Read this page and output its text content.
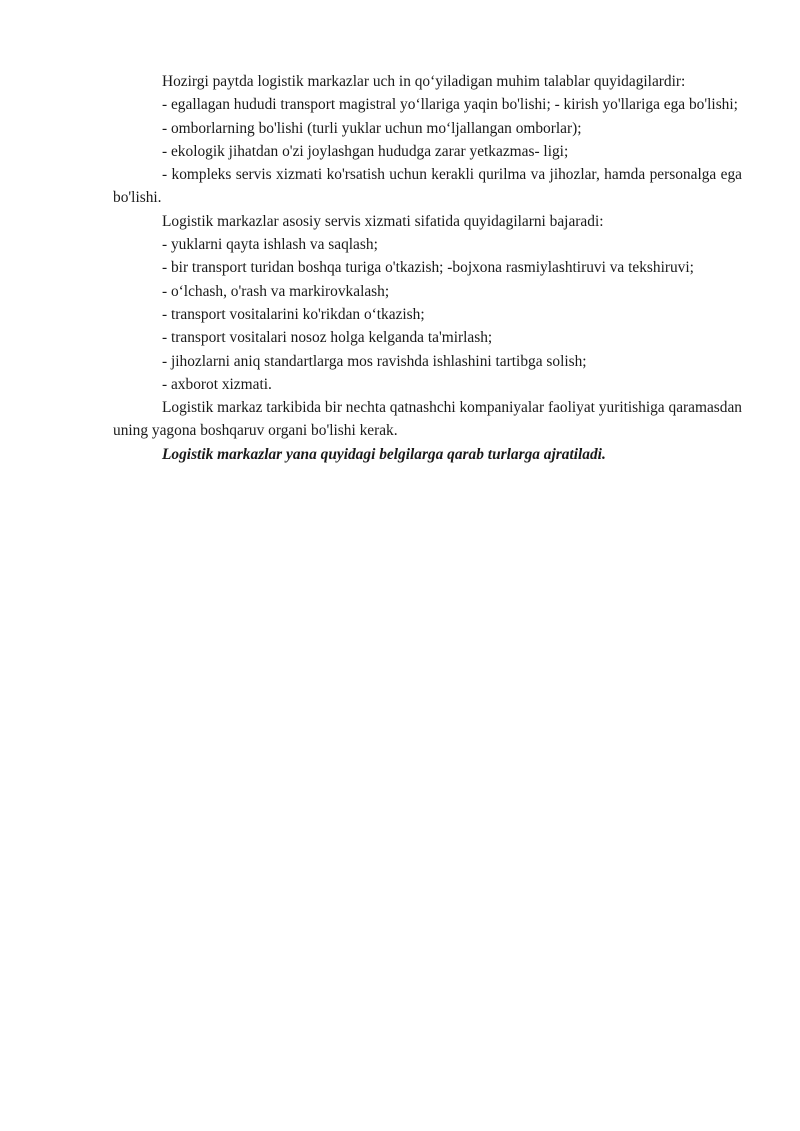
Hozirgi paytda logistik markazlar uch in qo‘yiladigan muhim talablar quyidagilardir:

- egallagan hududi transport magistral yo‘llariga yaqin bo'lishi; - kirish yo'llariga ega bo'lishi;

- omborlarning bo'lishi (turli yuklar uchun mo‘ljallangan omborlar);

- ekologik jihatdan o'zi joylashgan hududga zarar yetkazmas- ligi;

- kompleks servis xizmati ko'rsatish uchun kerakli qurilma va jihozlar, hamda personalga ega bo'lishi.

Logistik markazlar asosiy servis xizmati sifatida quyidagilarni bajaradi:

- yuklarni qayta ishlash va saqlash;

- bir transport turidan boshqa turiga o'tkazish; -bojxona rasmiylashtiruvi va tekshiruvi;

- o‘lchash, o'rash va markirovkalash;

- transport vositalarini ko'rikdan o‘tkazish;

- transport vositalari nosoz holga kelganda ta'mirlash;

- jihozlarni aniq standartlarga mos ravishda ishlashini tartibga solish;

- axborot xizmati.

Logistik markaz tarkibida bir nechta qatnashchi kompaniyalar faoliyat yuritishiga qaramasdan uning yagona boshqaruv organi bo'lishi kerak.

Logistik markazlar yana quyidagi belgilarga qarab turlarga ajratiladi.
